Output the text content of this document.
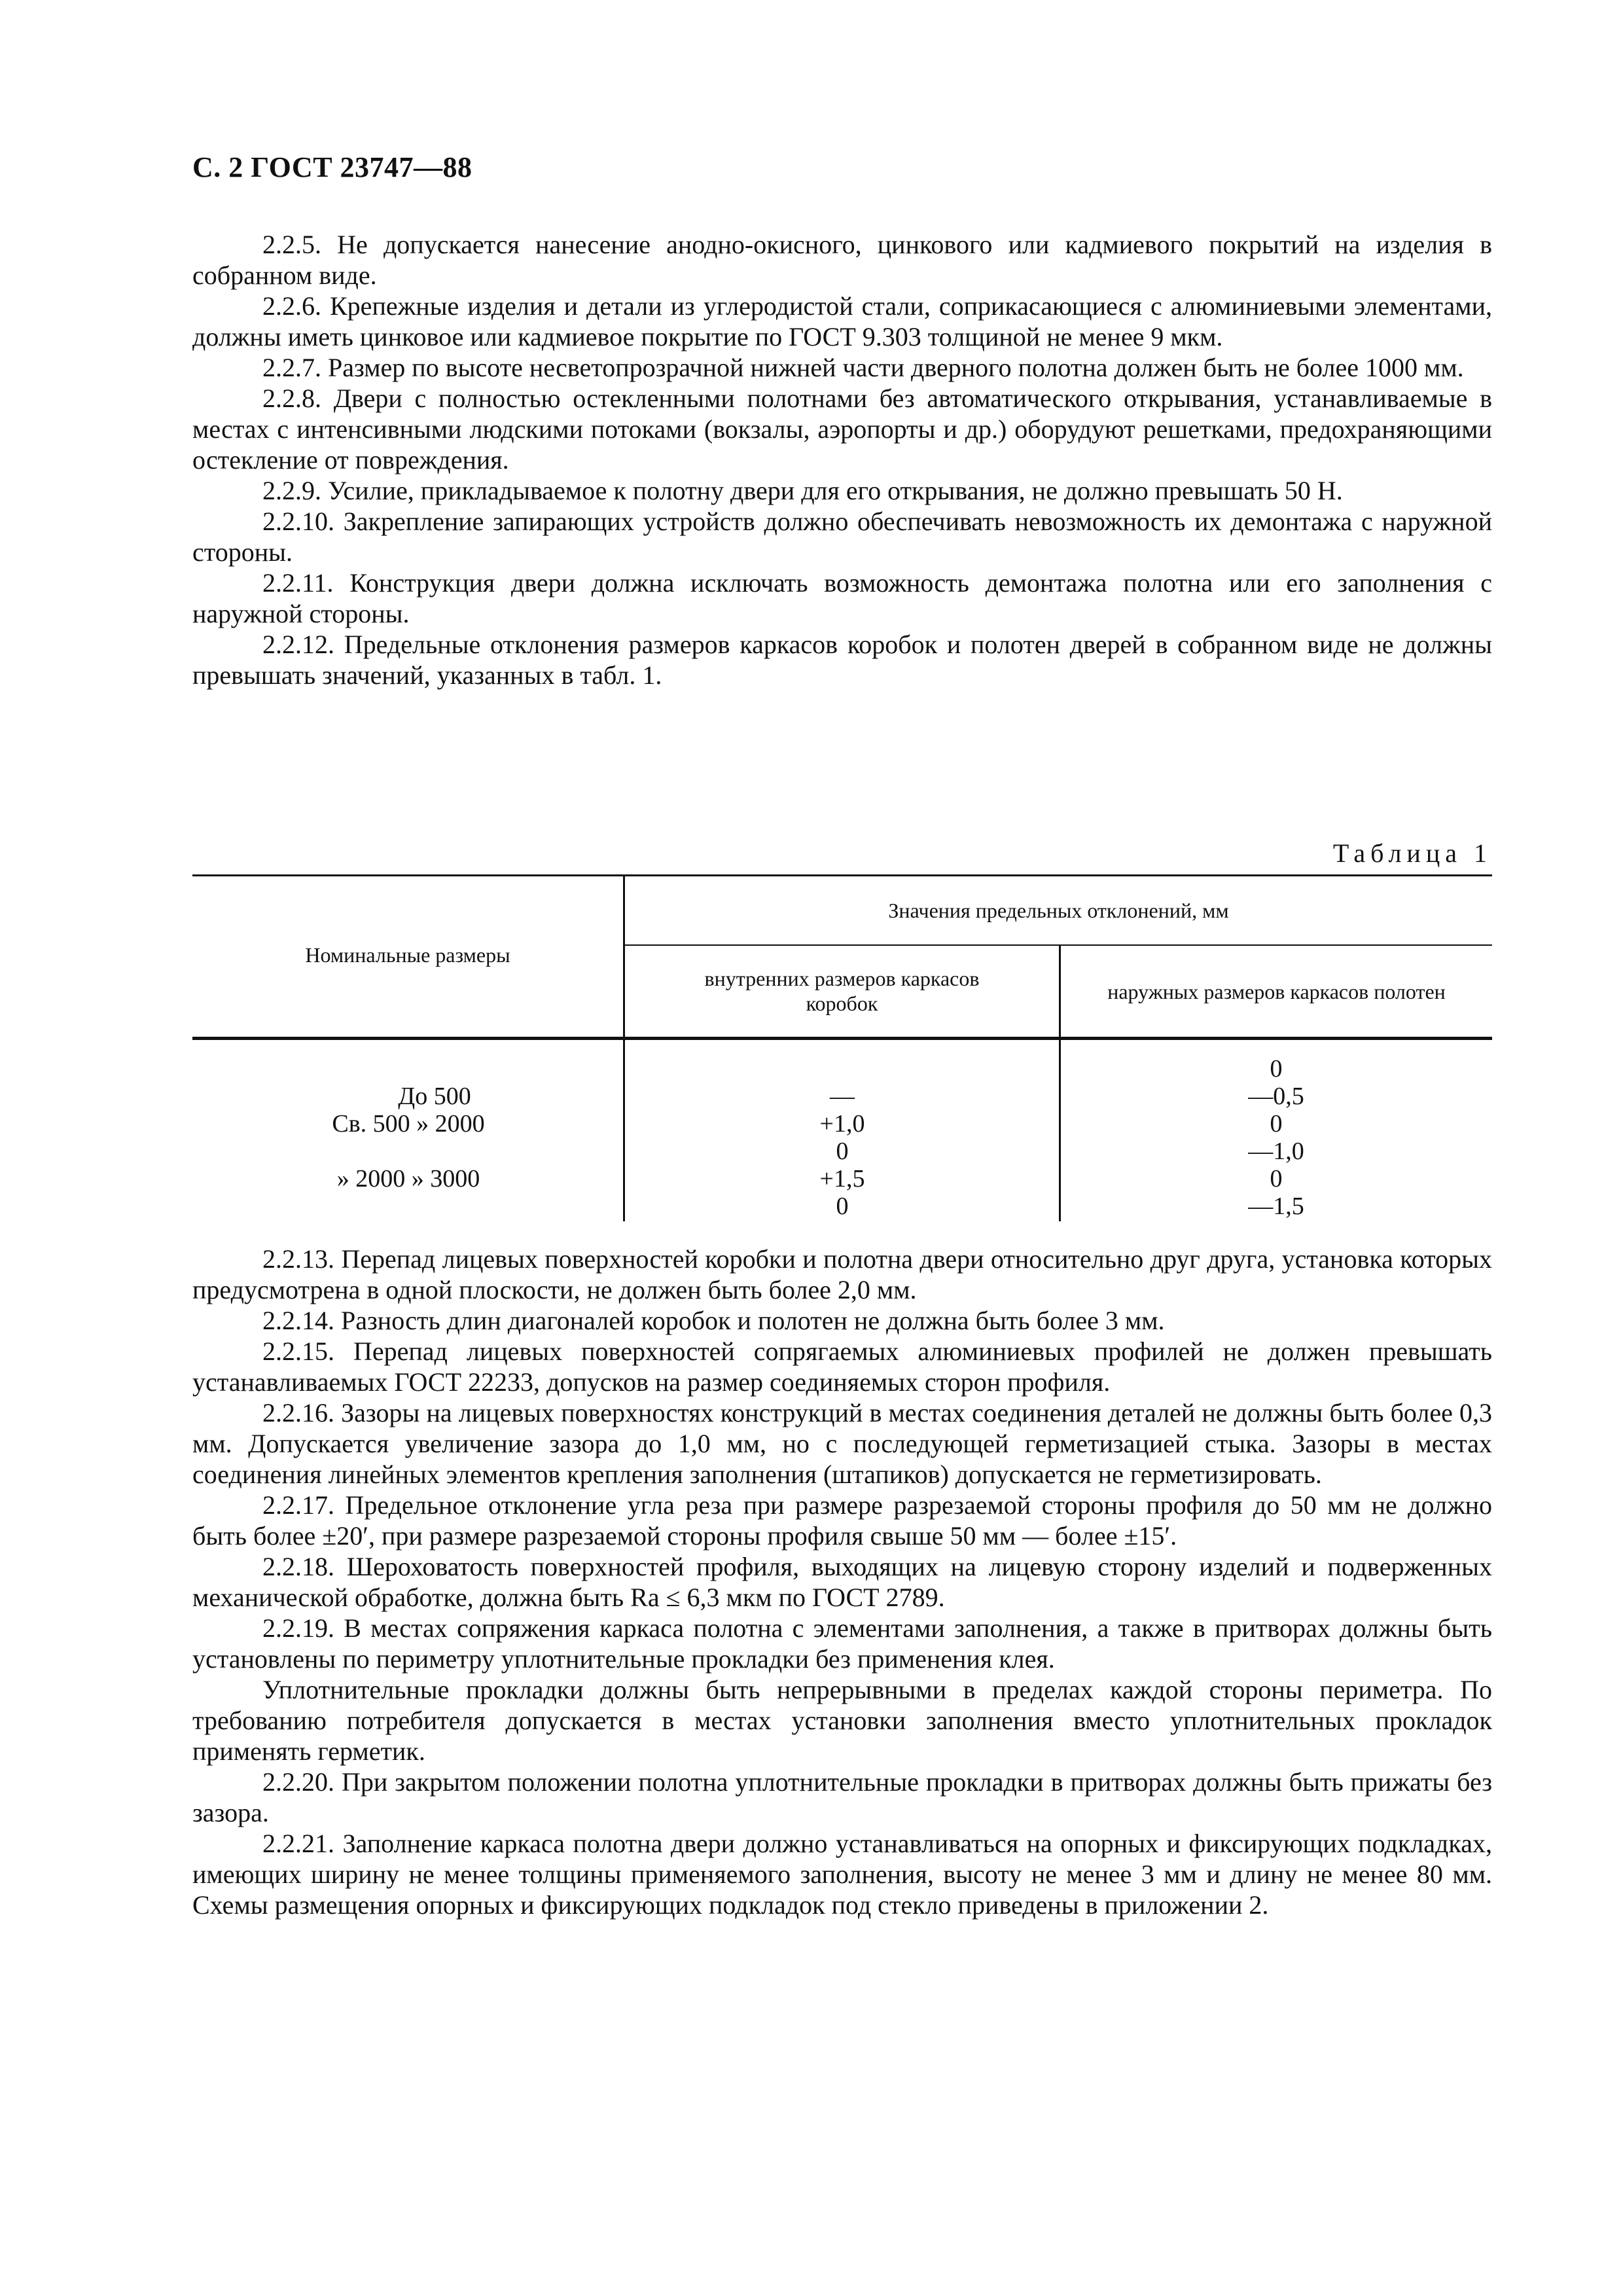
С. 2 ГОСТ 23747—88

2.2.5. Не допускается нанесение анодно-окисного, цинкового или кадмиевого покрытий на изделия в собранном виде.

2.2.6. Крепежные изделия и детали из углеродистой стали, соприкасающиеся с алюминиевыми элементами, должны иметь цинковое или кадмиевое покрытие по ГОСТ 9.303 толщиной не менее 9 мкм.

2.2.7. Размер по высоте несветопрозрачной нижней части дверного полотна должен быть не более 1000 мм.

2.2.8. Двери с полностью остекленными полотнами без автоматического открывания, устанавливаемые в местах с интенсивными людскими потоками (вокзалы, аэропорты и др.) оборудуют решетками, предохраняющими остекление от повреждения.

2.2.9. Усилие, прикладываемое к полотну двери для его открывания, не должно превышать 50 Н.

2.2.10. Закрепление запирающих устройств должно обеспечивать невозможность их демонтажа с наружной стороны.

2.2.11. Конструкция двери должна исключать возможность демонтажа полотна или его заполнения с наружной стороны.

2.2.12. Предельные отклонения размеров каркасов коробок и полотен дверей в собранном виде не должны превышать значений, указанных в табл. 1.

Таблица 1
Номинальные размеры
Значения предельных отклонений, мм
внутренних размеров каркасов
коробок	наружных размеров каркасов полотен
До 500
Св. 500 » 2000
» 2000 » 3000
—
+1,0
0
+1,5
0
0
—0,5
0
—1,0
0
—1,5

2.2.13. Перепад лицевых поверхностей коробки и полотна двери относительно друг друга, установка которых предусмотрена в одной плоскости, не должен быть более 2,0 мм.

2.2.14. Разность длин диагоналей коробок и полотен не должна быть более 3 мм.

2.2.15. Перепад лицевых поверхностей сопрягаемых алюминиевых профилей не должен превышать устанавливаемых ГОСТ 22233, допусков на размер соединяемых сторон профиля.

2.2.16. Зазоры на лицевых поверхностях конструкций в местах соединения деталей не должны быть более 0,3 мм. Допускается увеличение зазора до 1,0 мм, но с последующей герметизацией стыка. Зазоры в местах соединения линейных элементов крепления заполнения (штапиков) допускается не герметизировать.

2.2.17. Предельное отклонение угла реза при размере разрезаемой стороны профиля до 50 мм не должно быть более ±20′, при размере разрезаемой стороны профиля свыше 50 мм — более ±15′.

2.2.18. Шероховатость поверхностей профиля, выходящих на лицевую сторону изделий и подверженных механической обработке, должна быть Ra ≤ 6,3 мкм по ГОСТ 2789.

2.2.19. В местах сопряжения каркаса полотна с элементами заполнения, а также в притворах должны быть установлены по периметру уплотнительные прокладки без применения клея.

Уплотнительные прокладки должны быть непрерывными в пределах каждой стороны периметра. По требованию потребителя допускается в местах установки заполнения вместо уплотнительных прокладок применять герметик.

2.2.20. При закрытом положении полотна уплотнительные прокладки в притворах должны быть прижаты без зазора.

2.2.21. Заполнение каркаса полотна двери должно устанавливаться на опорных и фиксирующих подкладках, имеющих ширину не менее толщины применяемого заполнения, высоту не менее 3 мм и длину не менее 80 мм. Схемы размещения опорных и фиксирующих подкладок под стекло приведены в приложении 2.
